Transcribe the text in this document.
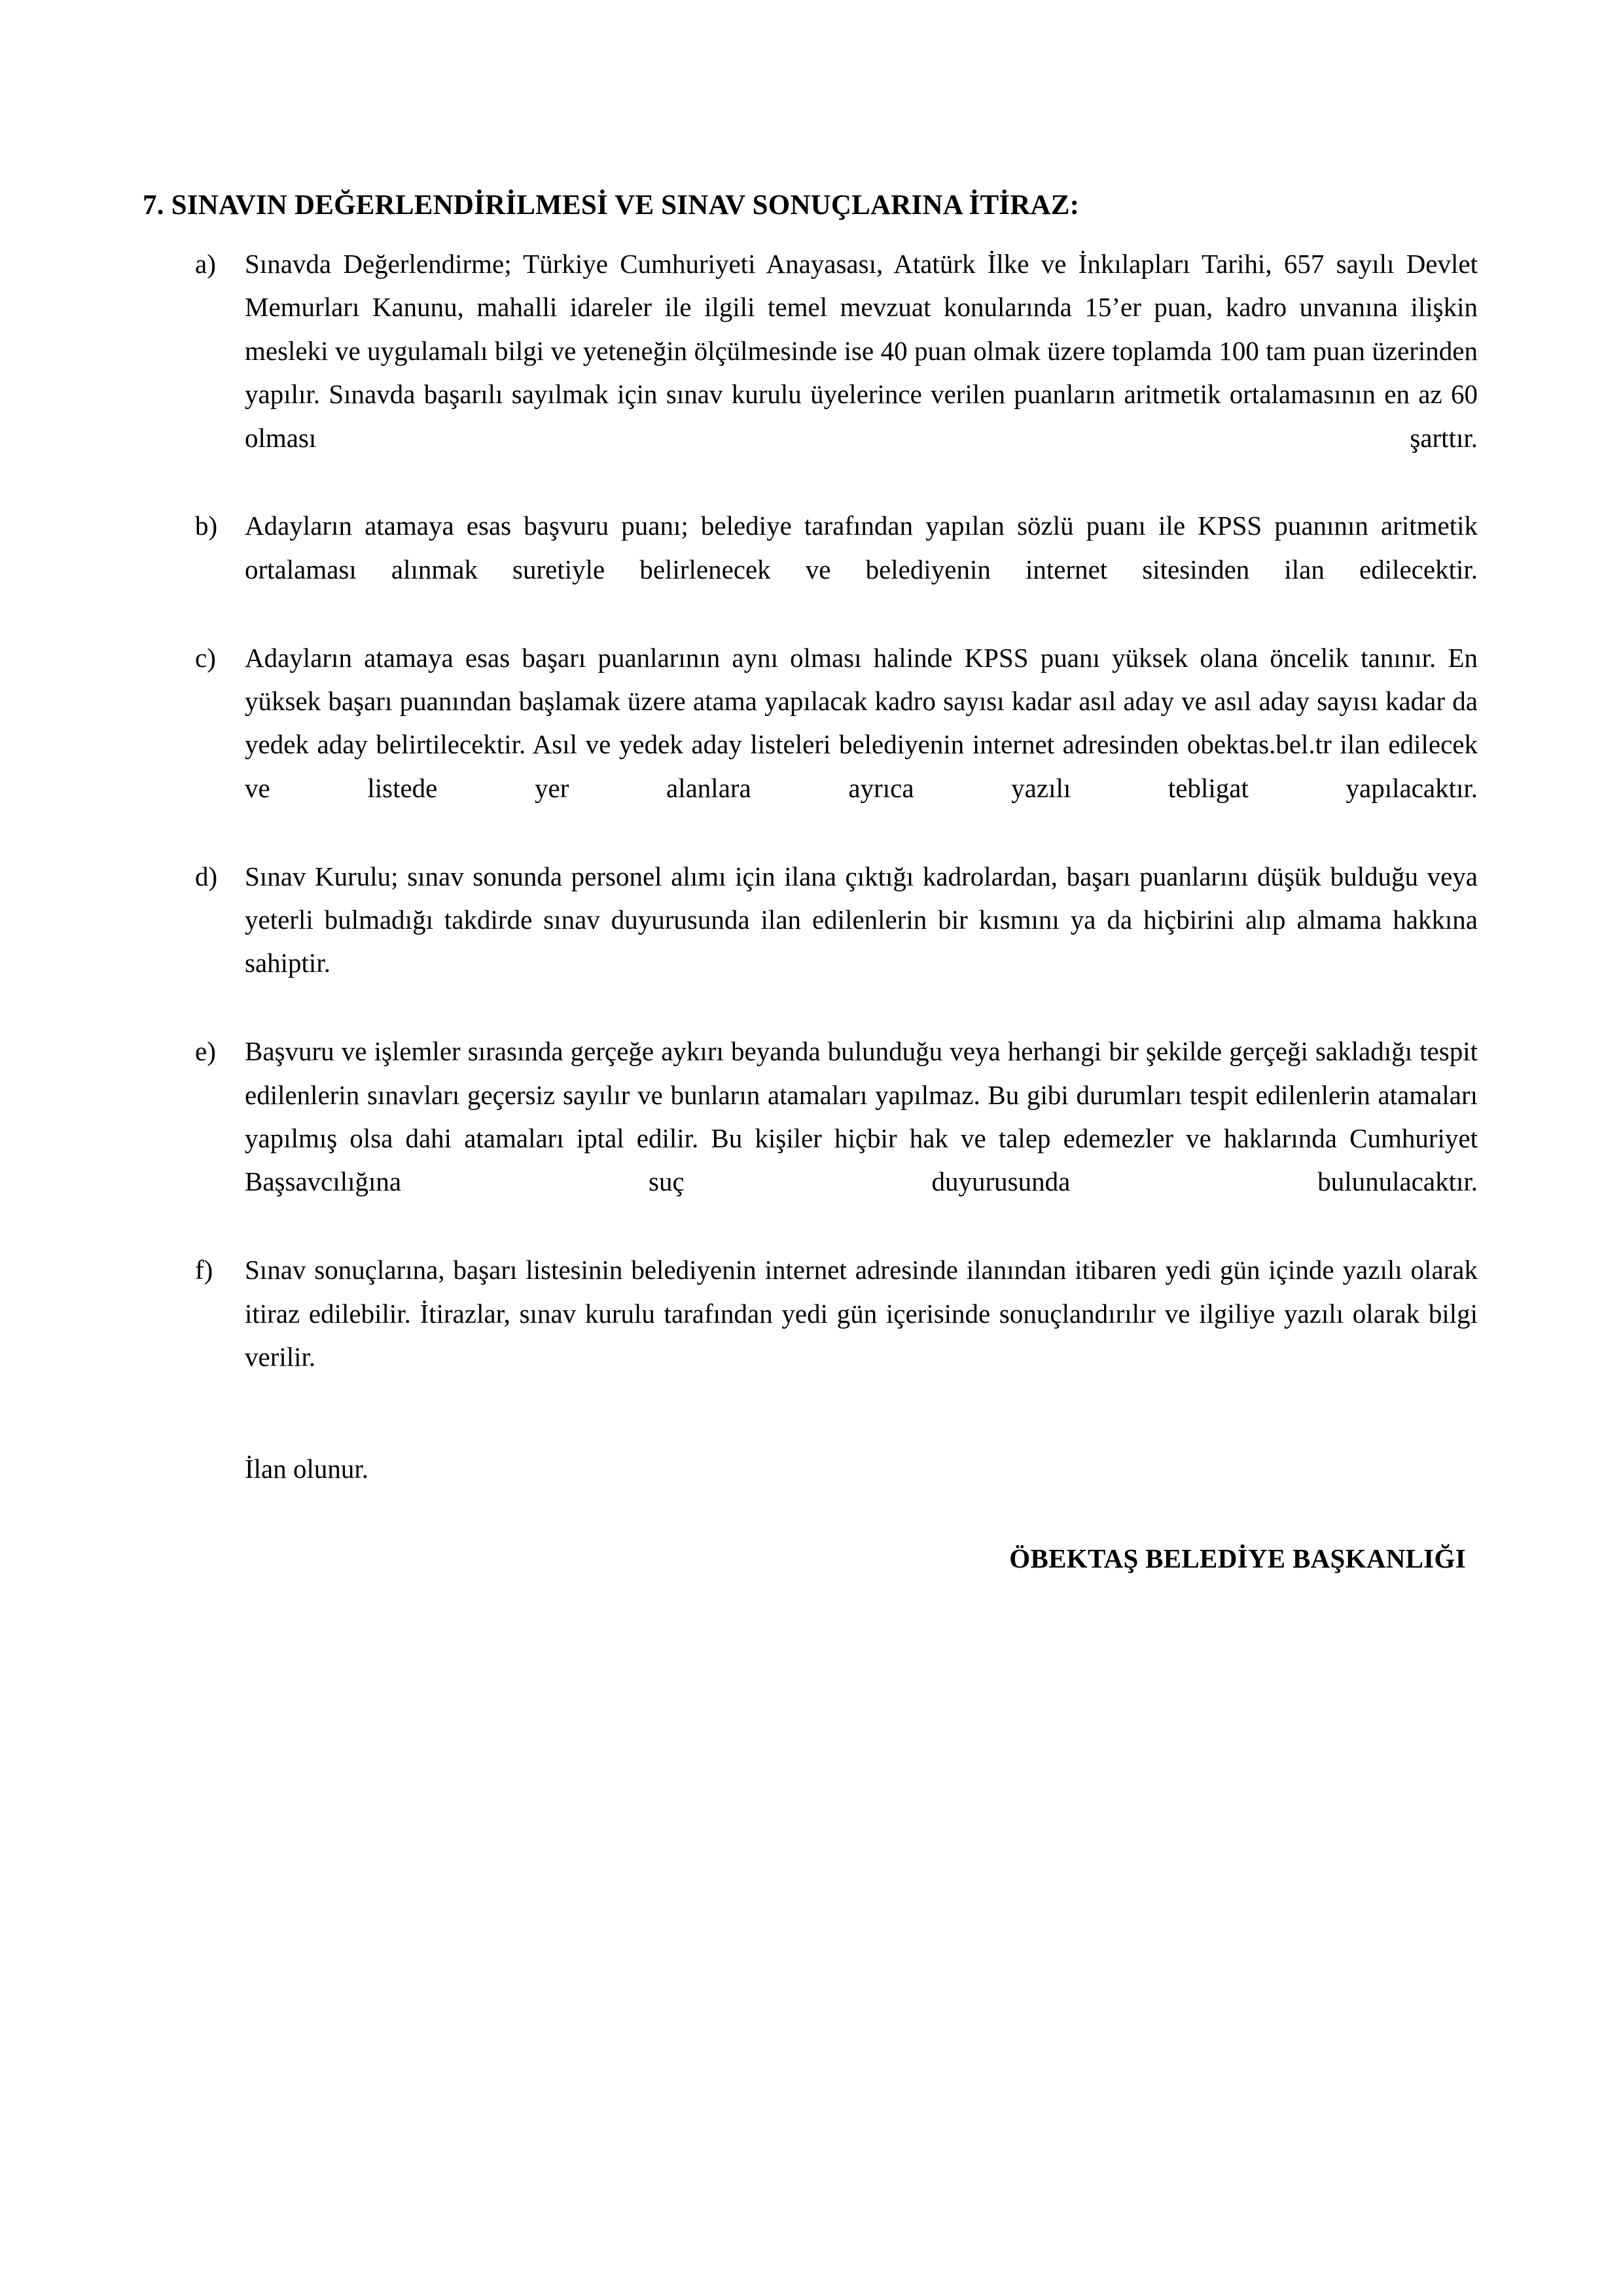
7. SINAVIN DEĞERLENDİRİLMESİ VE SINAV SONUÇLARINA İTİRAZ:
a)	Sınavda Değerlendirme; Türkiye Cumhuriyeti Anayasası, Atatürk İlke ve İnkılapları Tarihi, 657 sayılı Devlet Memurları Kanunu, mahalli idareler ile ilgili temel mevzuat konularında 15’er puan, kadro unvanına ilişkin mesleki ve uygulamalı bilgi ve yeteneğin ölçülmesinde ise 40 puan olmak üzere toplamda 100 tam puan üzerinden yapılır. Sınavda başarılı sayılmak için sınav kurulu üyelerince verilen puanların aritmetik ortalamasının en az 60 olması şarttır.
b)	Adayların atamaya esas başvuru puanı; belediye tarafından yapılan sözlü puanı ile KPSS puanının aritmetik ortalaması alınmak suretiyle belirlenecek ve belediyenin internet sitesinden ilan edilecektir.
c)	Adayların atamaya esas başarı puanlarının aynı olması halinde KPSS puanı yüksek olana öncelik tanınır. En yüksek başarı puanından başlamak üzere atama yapılacak kadro sayısı kadar asıl aday ve asıl aday sayısı kadar da yedek aday belirtilecektir. Asıl ve yedek aday listeleri belediyenin internet adresinden obektas.bel.tr ilan edilecek ve listede yer alanlara ayrıca yazılı tebligat yapılacaktır.
d)	Sınav Kurulu; sınav sonunda personel alımı için ilana çıktığı kadrolardan, başarı puanlarını düşük bulduğu veya yeterli bulmadığı takdirde sınav duyurusunda ilan edilenlerin bir kısmını ya da hiçbirini alıp almama hakkına sahiptir.
e)	Başvuru ve işlemler sırasında gerçeğe aykırı beyanda bulunduğu veya herhangi bir şekilde gerçeği sakladığı tespit edilenlerin sınavları geçersiz sayılır ve bunların atamaları yapılmaz. Bu gibi durumları tespit edilenlerin atamaları yapılmış olsa dahi atamaları iptal edilir. Bu kişiler hiçbir hak ve talep edemezler ve haklarında Cumhuriyet Başsavcılığına suç duyurusunda bulunulacaktır.
f)	Sınav sonuçlarına, başarı listesinin belediyenin internet adresinde ilanından itibaren yedi gün içinde yazılı olarak itiraz edilebilir. İtirazlar, sınav kurulu tarafından yedi gün içerisinde sonuçlandırılır ve ilgiliye yazılı olarak bilgi verilir.
İlan olunur.
ÖBEKTAŞ BELEDİYE BAŞKANLIĞI
